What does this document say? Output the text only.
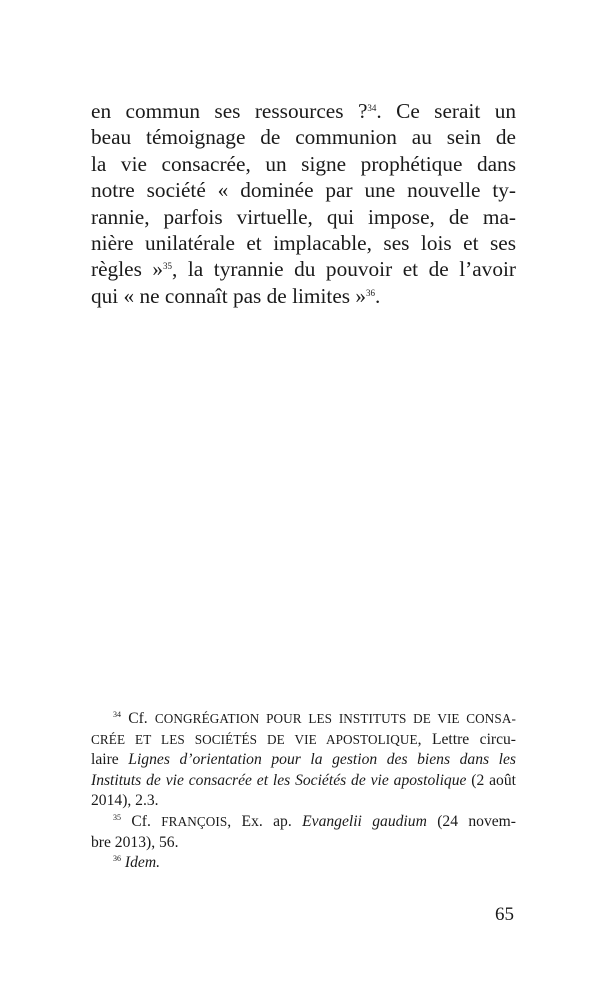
en commun ses ressources ?$^{34}$. Ce serait un
beau témoignage de communion au sein de
la vie consacrée, un signe prophétique dans
notre société « dominée par une nouvelle ty-
rannie, parfois virtuelle, qui impose, de ma-
nière unilatérale et implacable, ses lois et ses
règles »$^{35}$, la tyrannie du pouvoir et de l’avoir
qui « ne connaît pas de limites »$^{36}$.
$^{34}$ Cf. CONGRÉGATION POUR LES INSTITUTS DE VIE CONSA-
CRÉE ET LES SOCIÉTÉS DE VIE APOSTOLIQUE, Lettre circu-
laire Lignes d’orientation pour la gestion des biens dans les
Instituts de vie consacrée et les Sociétés de vie apostolique (2 août
2014), 2.3.
$^{35}$ Cf. FRANÇOIS, Ex. ap. Evangelii gaudium (24 novem-
bre 2013), 56.
$^{36}$ Idem.
65
